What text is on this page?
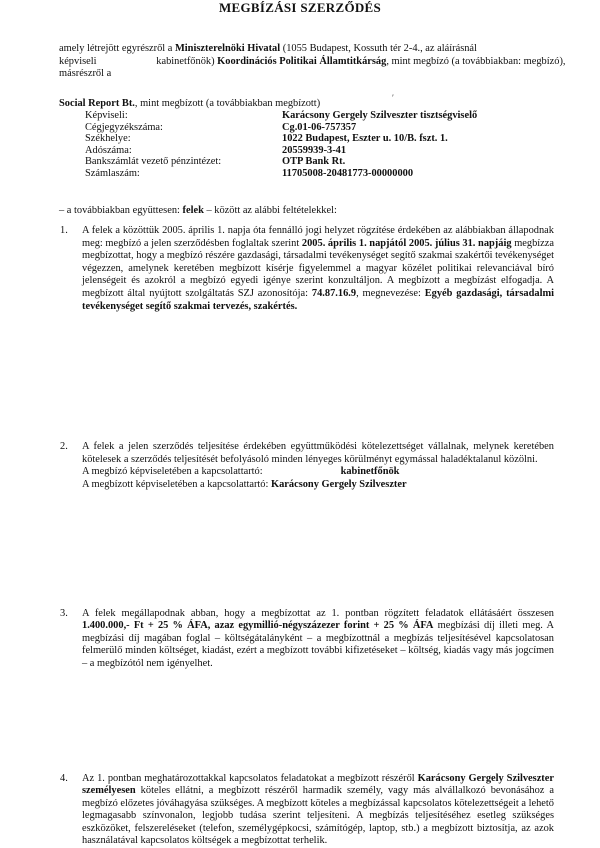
MEGBÍZÁSI SZERZŐDÉS
amely létrejött egyrészről a Miniszterelnöki Hivatal (1055 Budapest, Kossuth tér 2-4., az aláírásnál képviseli	kabinetfőnök) Koordinációs Politikai Államtitkárság, mint megbízó (a továbbiakban: megbízó), másrészről a
′
Social Report Bt., mint megbízott (a továbbiakban megbízott)
Képviseli:	Karácsony Gergely Szilveszter tisztségviselő
Cégjegyzékszáma:	Cg.01-06-757357
Székhelye:	1022 Budapest, Eszter u. 10/B. fszt. 1.
Adószáma:	20559939-3-41
Bankszámlát vezető pénzintézet:	OTP Bank Rt.
Számlaszám:	11705008-20481773-00000000
– a továbbiakban együttesen: felek – között az alábbi feltételekkel:
1. A felek a közöttük 2005. április 1. napja óta fennálló jogi helyzet rögzítése érdekében az alábbiakban állapodnak meg: megbízó a jelen szerződésben foglaltak szerint 2005. április 1. napjától 2005. július 31. napjáig megbízza megbízottat, hogy a megbízó részére gazdasági, társadalmi tevékenységet segítő szakmai szakértői tevékenységet végezzen, amelynek keretében megbízott kísérje figyelemmel a magyar közélet politikai relevanciával bíró jelenségeit és azokról a megbízó egyedi igénye szerint konzultáljon. A megbízott a megbízást elfogadja. A megbízott által nyújtott szolgáltatás SZJ azonosítója: 74.87.16.9, megnevezése: Egyéb gazdasági, társadalmi tevékenységet segítő szakmai tervezés, szakértés.
2. A felek a jelen szerződés teljesítése érdekében együttműködési kötelezettséget vállalnak, melynek keretében kötelesek a szerződés teljesítését befolyásoló minden lényeges körülményt egymással haladéktalanul közölni.
A megbízó képviseletében a kapcsolattartó:	kabinetfőnök
A megbízott képviseletében a kapcsolattartó: Karácsony Gergely Szilveszter
3. A felek megállapodnak abban, hogy a megbízottat az 1. pontban rögzített feladatok ellátásáért összesen 1.400.000,- Ft + 25 % ÁFA, azaz egymillió-négyszázezer forint + 25 % ÁFA megbízási díj illeti meg. A megbízási díj magában foglal – költségátalányként – a megbízottnál a megbízás teljesítésével kapcsolatosan felmerülő minden költséget, kiadást, ezért a megbízott további kifizetéseket – költség, kiadás vagy más jogcímen – a megbízótól nem igényelhet.
4. Az 1. pontban meghatározottakkal kapcsolatos feladatokat a megbízott részéről Karácsony Gergely Szilveszter személyesen köteles ellátni, a megbízott részéről harmadik személy, vagy más alvállalkozó bevonásához a megbízó előzetes jóváhagyása szükséges. A megbízott köteles a megbízással kapcsolatos kötelezettségeit a lehető legmagasabb színvonalon, legjobb tudása szerint teljesíteni. A megbízás teljesítéséhez esetleg szükséges eszközöket, felszereléseket (telefon, személygépkocsi, számítógép, laptop, stb.) a megbízott biztosítja, az azok használatával kapcsolatos költségek a megbízottat terhelik.
